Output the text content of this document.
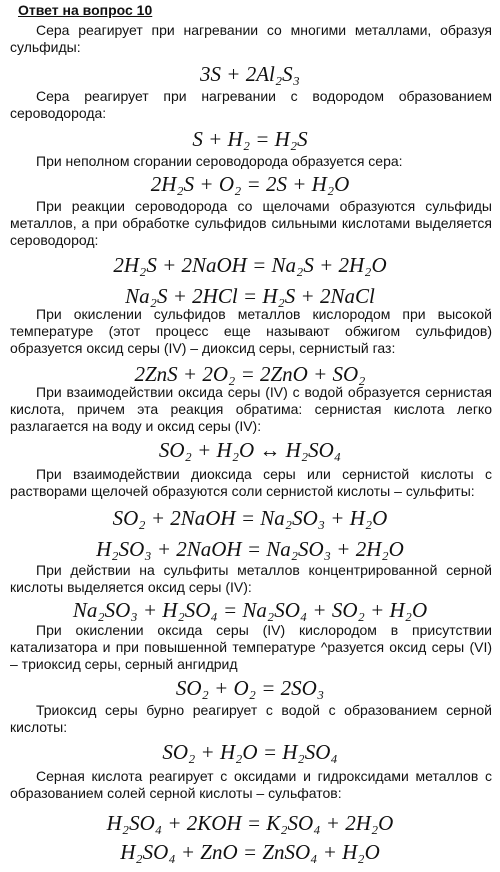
Ответ на вопрос 10

Сера реагирует при нагревании со многими металлами, образуя сульфиды:

3S + 2Al₂S₃

Сера реагирует при нагревании с водородом образованием сероводорода:

S + H₂ = H₂S

При неполном сгорании сероводорода образуется сера:

2H₂S + O₂ = 2S + H₂O

При реакции сероводорода со щелочами образуются сульфиды металлов, а при обработке сульфидов сильными кислотами выделяется сероводород:

2H₂S + 2NaOH = Na₂S + 2H₂O
Na₂S + 2HCl = H₂S + 2NaCl

При окислении сульфидов металлов кислородом при высокой температуре (этот процесс еще называют обжигом сульфидов) образуется оксид серы (IV) – диоксид серы, сернистый газ:

2ZnS + 2O₂ = 2ZnO + SO₂

При взаимодействии оксида серы (IV) с водой образуется сернистая кислота, причем эта реакция обратима: сернистая кислота легко разлагается на воду и оксид серы (IV):

SO₂ + H₂O ↔ H₂SO₄

При взаимодействии диоксида серы или сернистой кислоты с растворами щелочей образуются соли сернистой кислоты – сульфиты:

SO₂ + 2NaOH = Na₂SO₃ + H₂O
H₂SO₃ + 2NaOH = Na₂SO₃ + 2H₂O

При действии на сульфиты металлов концентрированной серной кислоты выделяется оксид серы (IV):

Na₂SO₃ + H₂SO₄ = Na₂SO₄ + SO₂ + H₂O

При окислении оксида серы (IV) кислородом в присутствии катализатора и при повышенной температуре ^разуется оксид серы (VI) – триоксид серы, серный ангидрид

SO₂ + O₂ = 2SO₃

Триоксид серы бурно реагирует с водой с образованием серной кислоты:

SO₂ + H₂O = H₂SO₄

Серная кислота реагирует с оксидами и гидроксидами металлов с образованием солей серной кислоты – сульфатов:

H₂SO₄ + 2KOH = K₂SO₄ + 2H₂O
H₂SO₄ + ZnO = ZnSO₄ + H₂O
